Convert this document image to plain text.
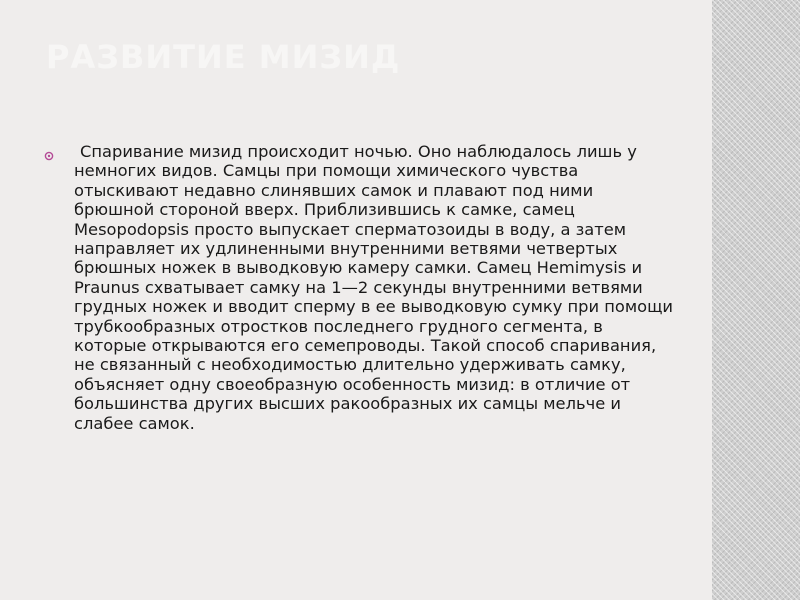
РАЗВИТИЕ МИЗИД

Спаривание мизид происходит ночью. Оно наблюдалось лишь у немногих видов. Самцы при помощи химического чувства отыскивают недавно слинявших самок и плавают под ними брюшной стороной вверх. Приблизившись к самке, самец Mesopodopsis просто выпускает сперматозоиды в воду, а затем направляет их удлиненными внутренними ветвями четвертых брюшных ножек в выводковую камеру самки. Самец Hemimysis и Praunus схватывает самку на 1—2 секунды внутренними ветвями грудных ножек и вводит сперму в ее выводковую сумку при помощи трубкообразных отростков последнего грудного сегмента, в которые открываются его семепроводы. Такой способ спаривания, не связанный с необходимостью длительно удерживать самку, объясняет одну своеобразную особенность мизид: в отличие от большинства других высших ракообразных их самцы мельче и слабее самок.
